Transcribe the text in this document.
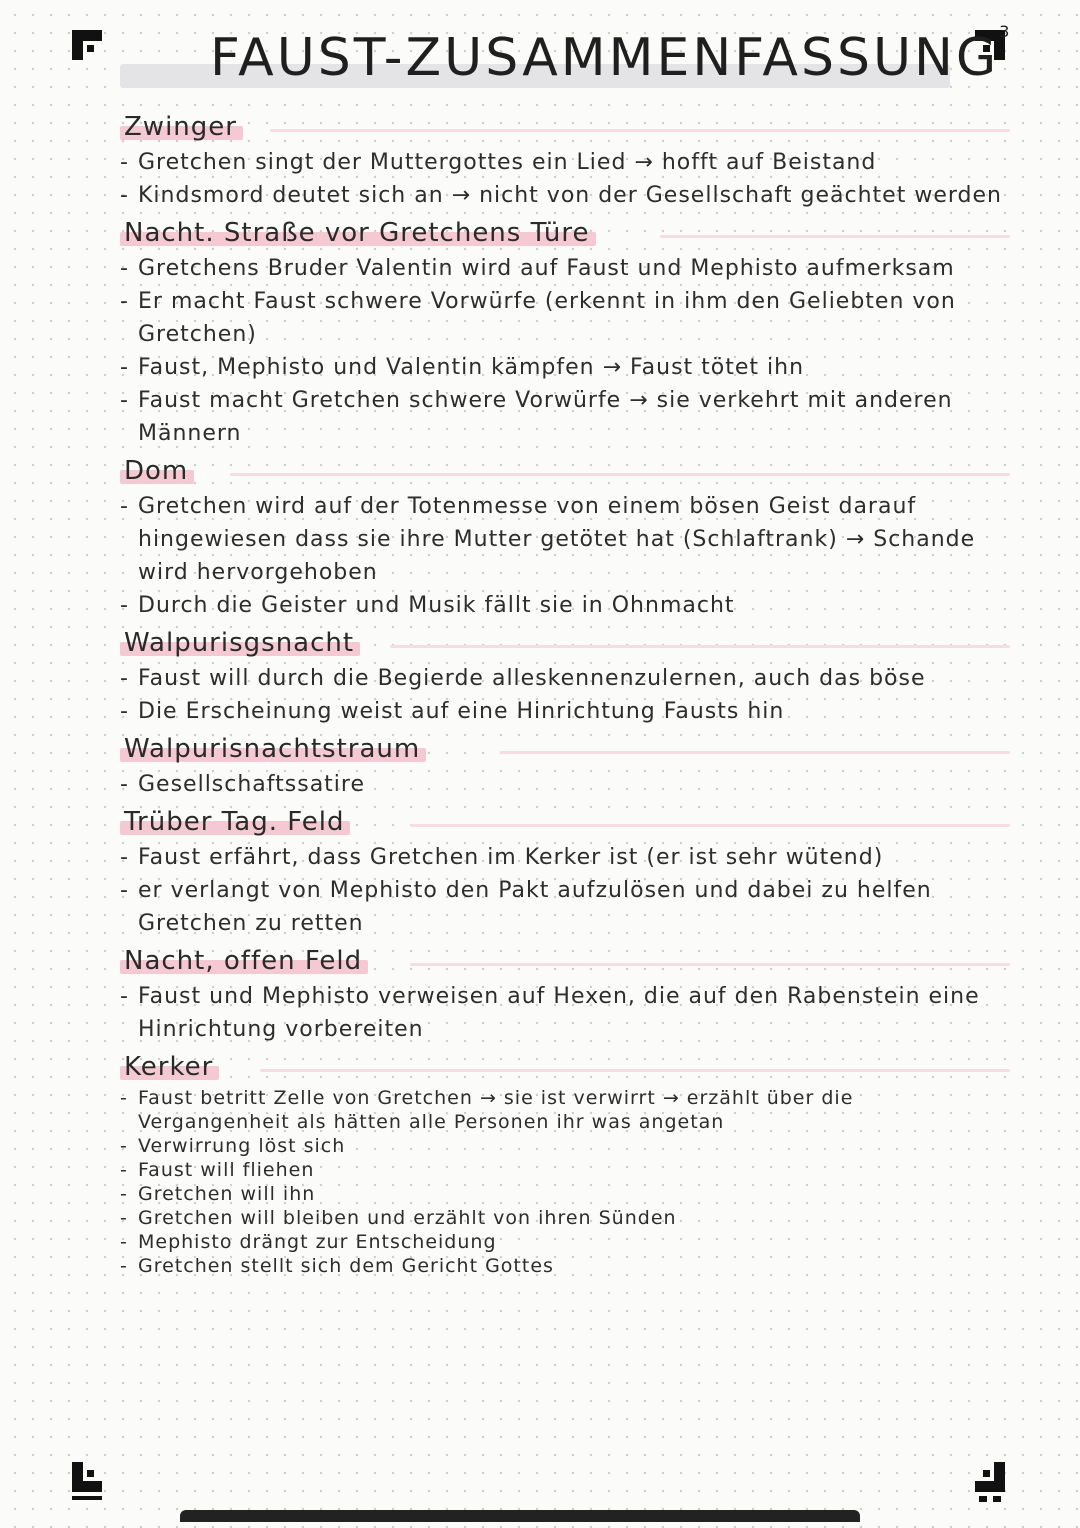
FAUST-ZUSAMMENFASSUNG$^3$
Zwinger
- Gretchen singt der Muttergottes ein Lied → hofft auf Beistand
- Kindsmord deutet sich an → nicht von der Gesellschaft geächtet werden
Nacht. Straße vor Gretchens Türe
- Gretchens Bruder Valentin wird auf Faust und Mephisto aufmerksam
- Er macht Faust schwere Vorwürfe (erkennt in ihm den Geliebten von Gretchen)
- Faust, Mephisto und Valentin kämpfen → Faust tötet ihn
- Faust macht Gretchen schwere Vorwürfe → sie verkehrt mit anderen Männern
Dom
- Gretchen wird auf der Totenmesse von einem bösen Geist darauf hingewiesen dass sie ihre Mutter getötet hat (Schlaftrank) → Schande wird hervorgehoben
- Durch die Geister und Musik fällt sie in Ohnmacht
Walpurisgsnacht
- Faust will durch die Begierde alleskennenzulernen, auch das böse
- Die Erscheinung weist auf eine Hinrichtung Fausts hin
Walpurisnachtstraum
- Gesellschaftssatire
Trüber Tag. Feld
- Faust erfährt, dass Gretchen im Kerker ist (er ist sehr wütend)
- er verlangt von Mephisto den Pakt aufzulösen und dabei zu helfen Gretchen zu retten
Nacht, offen Feld
- Faust und Mephisto verweisen auf Hexen, die auf den Rabenstein eine Hinrichtung vorbereiten
Kerker
- Faust betritt Zelle von Gretchen → sie ist verwirrt → erzählt über die Vergangenheit als hätten alle Personen ihr was angetan
- Verwirrung löst sich
- Faust will fliehen
- Gretchen will ihn
- Gretchen will bleiben und erzählt von ihren Sünden
- Mephisto drängt zur Entscheidung
- Gretchen stellt sich dem Gericht Gottes
